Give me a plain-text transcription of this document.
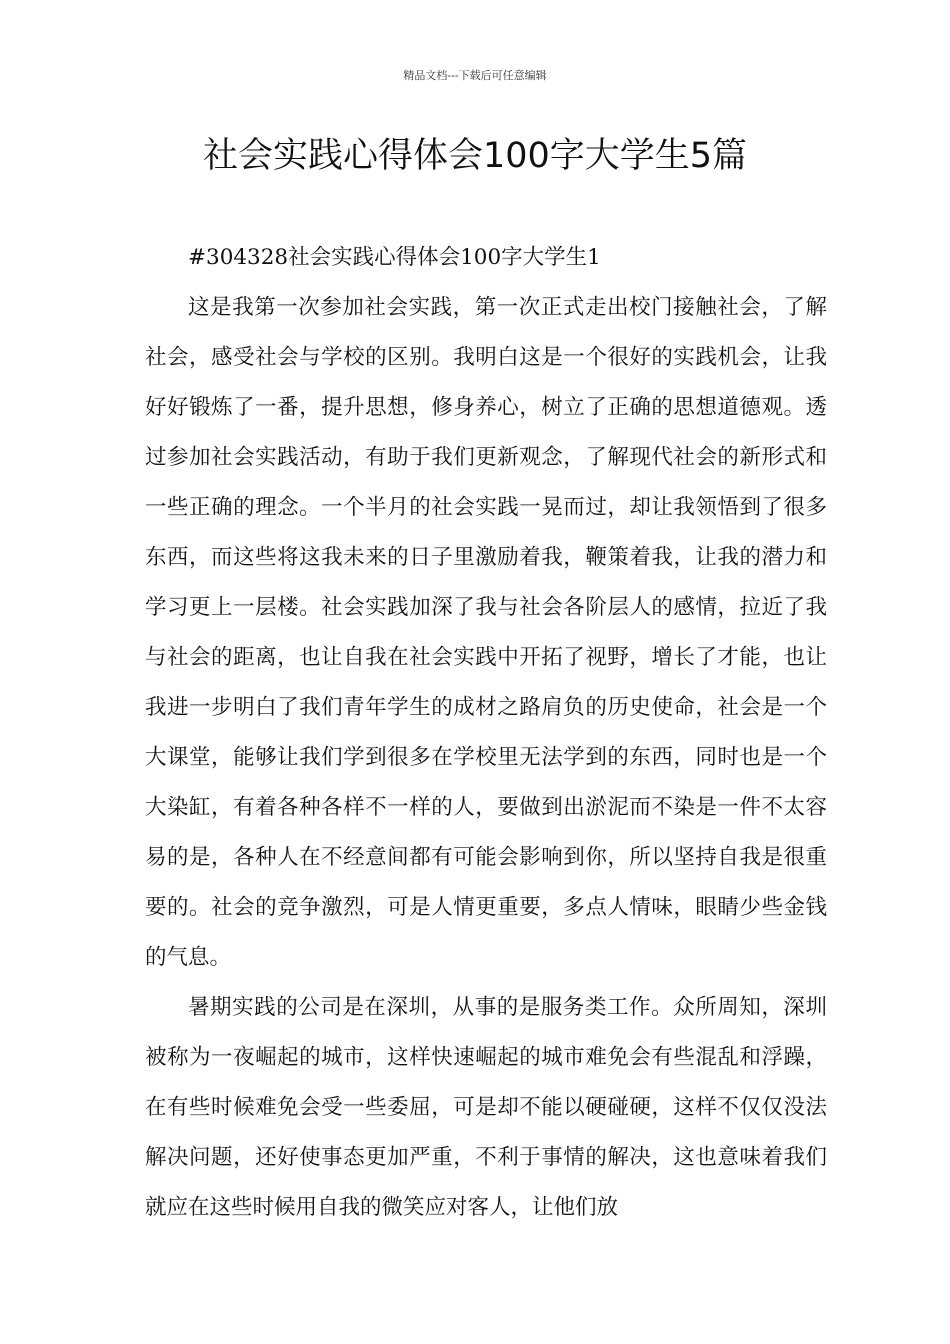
精品文档---下载后可任意编辑
社会实践心得体会100字大学生5篇

#304328社会实践心得体会100字大学生1

这是我第一次参加社会实践，第一次正式走出校门接触社会，了解社会，感受社会与学校的区别。我明白这是一个很好的实践机会，让我好好锻炼了一番，提升思想，修身养心，树立了正确的思想道德观。透过参加社会实践活动，有助于我们更新观念，了解现代社会的新形式和一些正确的理念。一个半月的社会实践一晃而过，却让我领悟到了很多东西，而这些将这我未来的日子里激励着我，鞭策着我，让我的潜力和学习更上一层楼。社会实践加深了我与社会各阶层人的感情，拉近了我与社会的距离，也让自我在社会实践中开拓了视野，增长了才能，也让我进一步明白了我们青年学生的成材之路肩负的历史使命，社会是一个大课堂，能够让我们学到很多在学校里无法学到的东西，同时也是一个大染缸，有着各种各样不一样的人，要做到出淤泥而不染是一件不太容易的是，各种人在不经意间都有可能会影响到你，所以坚持自我是很重要的。社会的竞争激烈，可是人情更重要，多点人情味，眼睛少些金钱的气息。

暑期实践的公司是在深圳，从事的是服务类工作。众所周知，深圳被称为一夜崛起的城市，这样快速崛起的城市难免会有些混乱和浮躁，在有些时候难免会受一些委屈，可是却不能以硬碰硬，这样不仅仅没法解决问题，还好使事态更加严重，不利于事情的解决，这也意味着我们就应在这些时候用自我的微笑应对客人，让他们放
